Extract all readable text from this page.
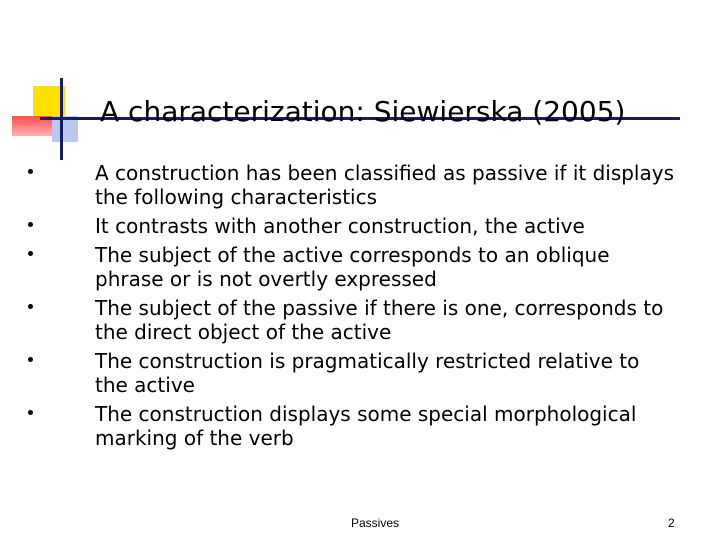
A characterization: Siewierska (2005)
A construction has been classified as passive if it displays the following characteristics
It contrasts with another construction, the active
The subject of the active corresponds to an oblique phrase or is not overtly expressed
The subject of the passive if there is one, corresponds to the direct object of the active
The construction is pragmatically restricted relative to the active
The construction displays some special morphological marking of the verb
Passives	2
